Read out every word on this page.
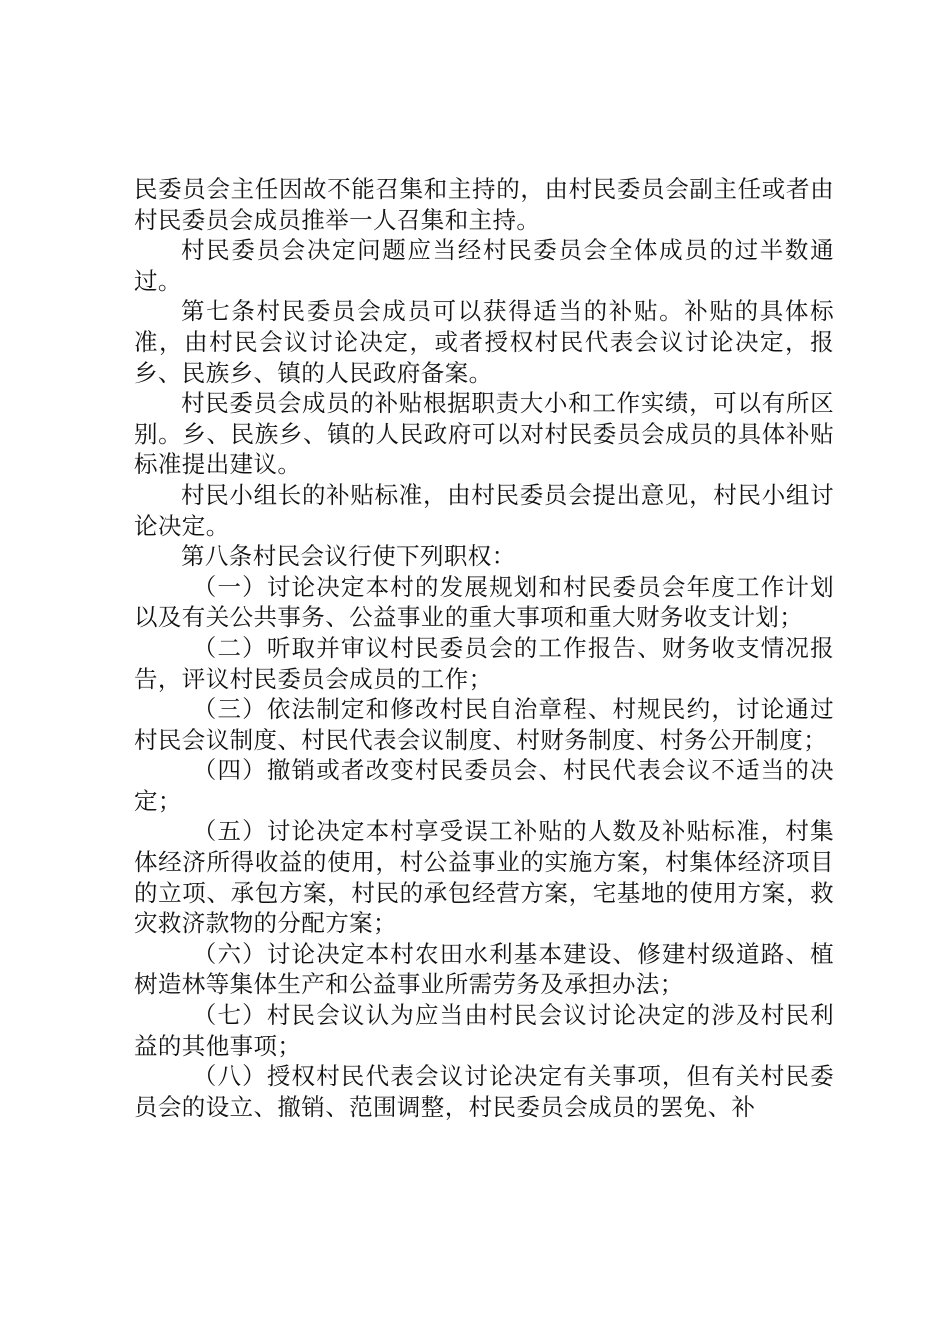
民委员会主任因故不能召集和主持的，由村民委员会副主任或者由村民委员会成员推举一人召集和主持。

村民委员会决定问题应当经村民委员会全体成员的过半数通过。

第七条村民委员会成员可以获得适当的补贴。补贴的具体标准，由村民会议讨论决定，或者授权村民代表会议讨论决定，报乡、民族乡、镇的人民政府备案。

村民委员会成员的补贴根据职责大小和工作实绩，可以有所区别。乡、民族乡、镇的人民政府可以对村民委员会成员的具体补贴标准提出建议。

村民小组长的补贴标准，由村民委员会提出意见，村民小组讨论决定。

第八条村民会议行使下列职权：

（一）讨论决定本村的发展规划和村民委员会年度工作计划以及有关公共事务、公益事业的重大事项和重大财务收支计划；

（二）听取并审议村民委员会的工作报告、财务收支情况报告，评议村民委员会成员的工作；

（三）依法制定和修改村民自治章程、村规民约，讨论通过村民会议制度、村民代表会议制度、村财务制度、村务公开制度；

（四）撤销或者改变村民委员会、村民代表会议不适当的决定；

（五）讨论决定本村享受误工补贴的人数及补贴标准，村集体经济所得收益的使用，村公益事业的实施方案，村集体经济项目的立项、承包方案，村民的承包经营方案，宅基地的使用方案，救灾救济款物的分配方案；

（六）讨论决定本村农田水利基本建设、修建村级道路、植树造林等集体生产和公益事业所需劳务及承担办法；

（七）村民会议认为应当由村民会议讨论决定的涉及村民利益的其他事项；

（八）授权村民代表会议讨论决定有关事项，但有关村民委员会的设立、撤销、范围调整，村民委员会成员的罢免、补
